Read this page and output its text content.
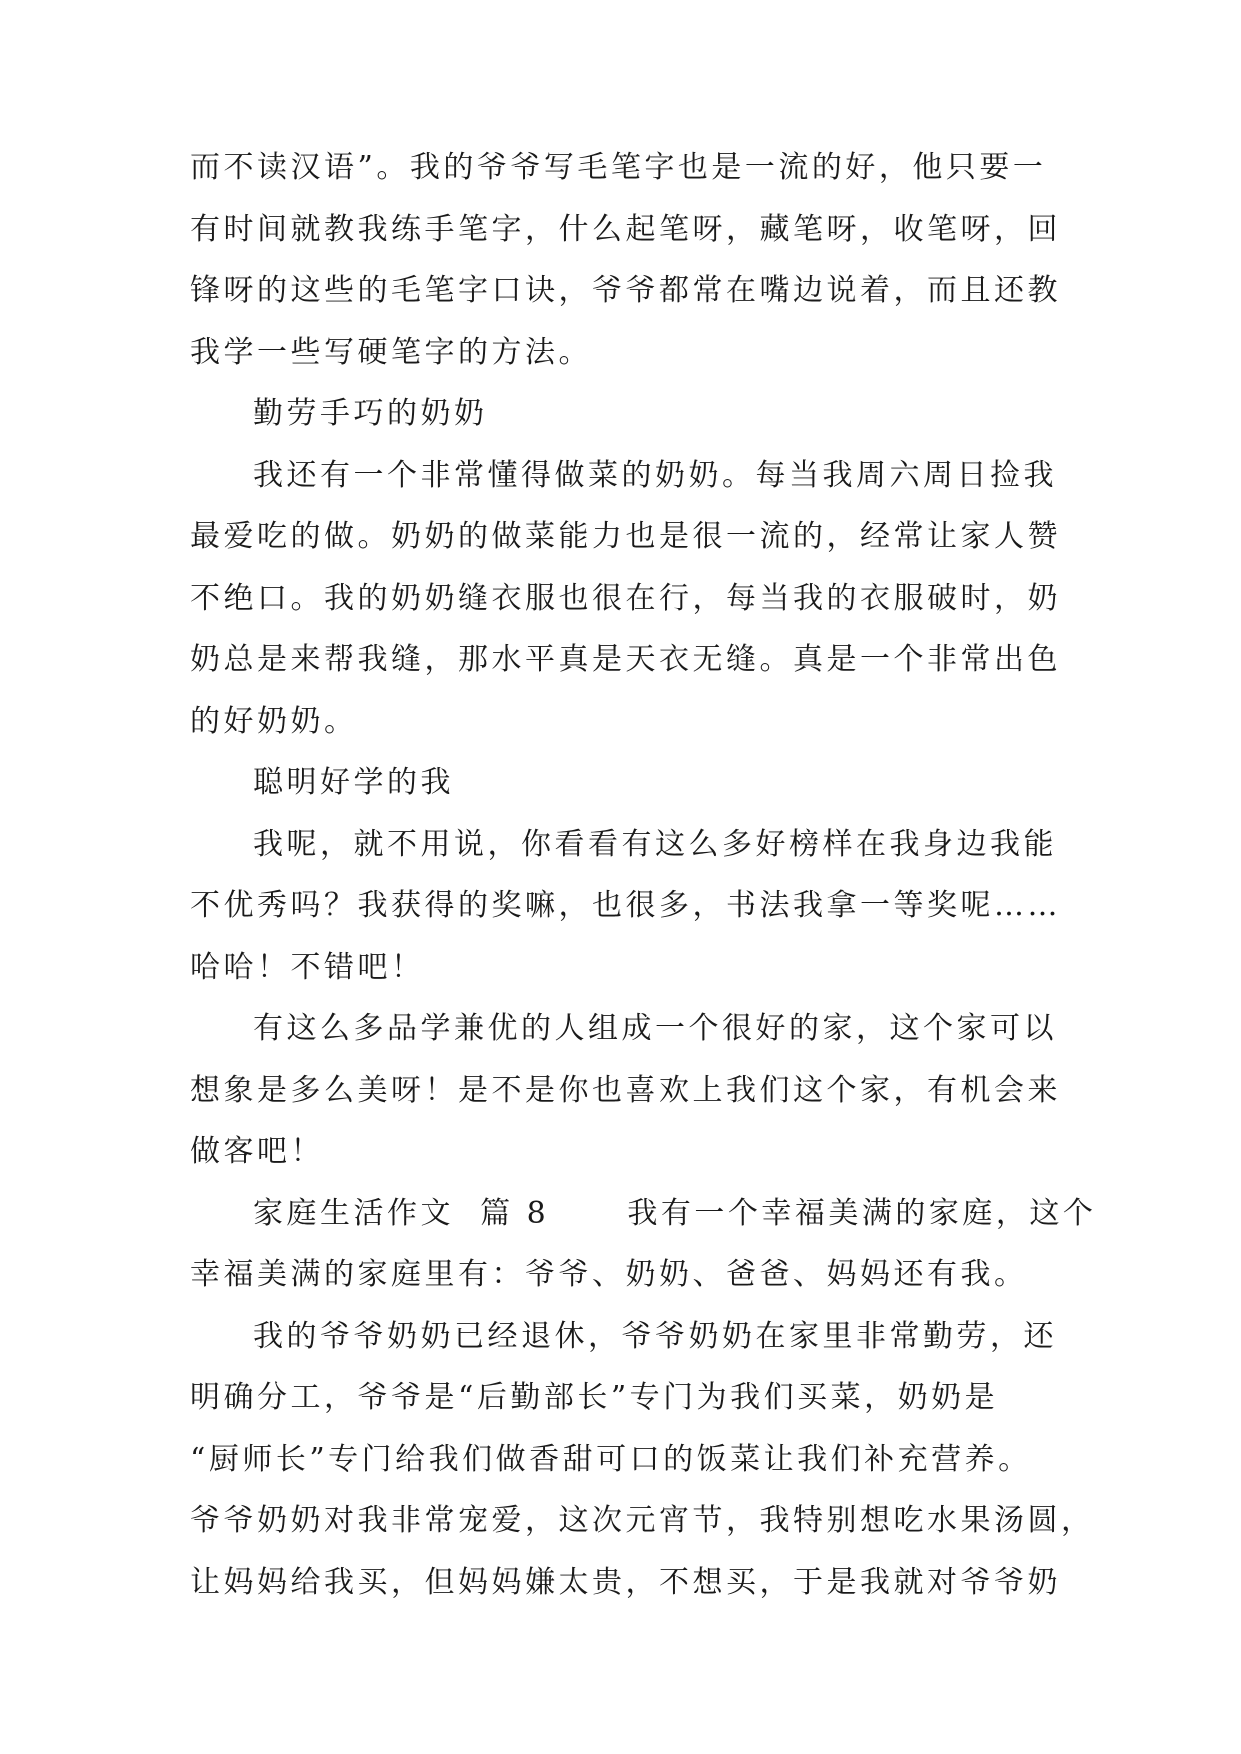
而不读汉语”。我的爷爷写毛笔字也是一流的好，他只要一
有时间就教我练手笔字，什么起笔呀，藏笔呀，收笔呀，回
锋呀的这些的毛笔字口诀，爷爷都常在嘴边说着，而且还教
我学一些写硬笔字的方法。
勤劳手巧的奶奶
我还有一个非常懂得做菜的奶奶。每当我周六周日捡我
最爱吃的做。奶奶的做菜能力也是很一流的，经常让家人赞
不绝口。我的奶奶缝衣服也很在行，每当我的衣服破时，奶
奶总是来帮我缝，那水平真是天衣无缝。真是一个非常出色
的好奶奶。
聪明好学的我
我呢，就不用说，你看看有这么多好榜样在我身边我能
不优秀吗？我获得的奖嘛，也很多，书法我拿一等奖呢……
哈哈！不错吧！
有这么多品学兼优的人组成一个很好的家，这个家可以
想象是多么美呀！是不是你也喜欢上我们这个家，有机会来
做客吧！
家庭生活作文  篇 8      我有一个幸福美满的家庭，这个
幸福美满的家庭里有：爷爷、奶奶、爸爸、妈妈还有我。
我的爷爷奶奶已经退休，爷爷奶奶在家里非常勤劳，还
明确分工，爷爷是“后勤部长”专门为我们买菜，奶奶是
“厨师长”专门给我们做香甜可口的饭菜让我们补充营养。
爷爷奶奶对我非常宠爱，这次元宵节，我特别想吃水果汤圆，
让妈妈给我买，但妈妈嫌太贵，不想买，于是我就对爷爷奶
